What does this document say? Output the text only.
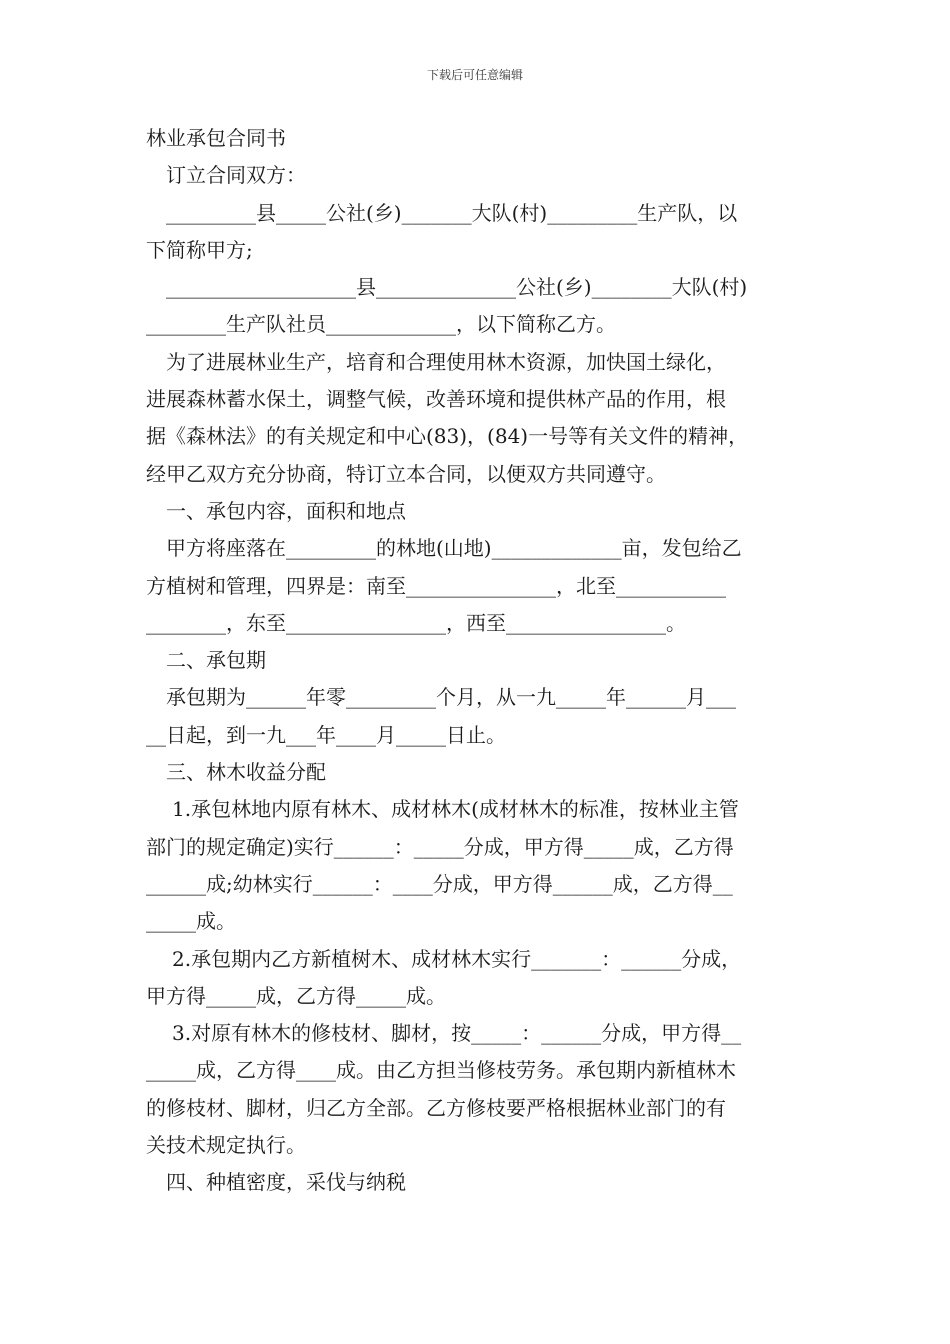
下载后可任意编辑
林业承包合同书
订立合同双方：
_________县_____公社(乡)_______大队(村)_________生产队，以
下简称甲方;
___________________县______________公社(乡)________大队(村)
________生产队社员_____________，以下简称乙方。
为了进展林业生产，培育和合理使用林木资源，加快国土绿化，
进展森林蓄水保土，调整气候，改善环境和提供林产品的作用，根
据《森林法》的有关规定和中心(83)，(84)一号等有关文件的精神，
经甲乙双方充分协商，特订立本合同，以便双方共同遵守。
一、承包内容，面积和地点
甲方将座落在_________的林地(山地)_____________亩，发包给乙
方植树和管理，四界是：南至_______________，北至___________
________，东至________________，西至________________。
二、承包期
承包期为______年零_________个月，从一九_____年______月___
__日起，到一九___年____月_____日止。
三、林木收益分配
1.承包林地内原有林木、成材林木(成材林木的标准，按林业主管
部门的规定确定)实行______：_____分成，甲方得_____成，乙方得
______成;幼林实行______：____分成，甲方得______成，乙方得__
_____成。
2.承包期内乙方新植树木、成材林木实行_______：______分成，
甲方得_____成，乙方得_____成。
3.对原有林木的修枝材、脚材，按_____：______分成，甲方得__
_____成，乙方得____成。由乙方担当修枝劳务。承包期内新植林木
的修枝材、脚材，归乙方全部。乙方修枝要严格根据林业部门的有
关技术规定执行。
四、种植密度，采伐与纳税
